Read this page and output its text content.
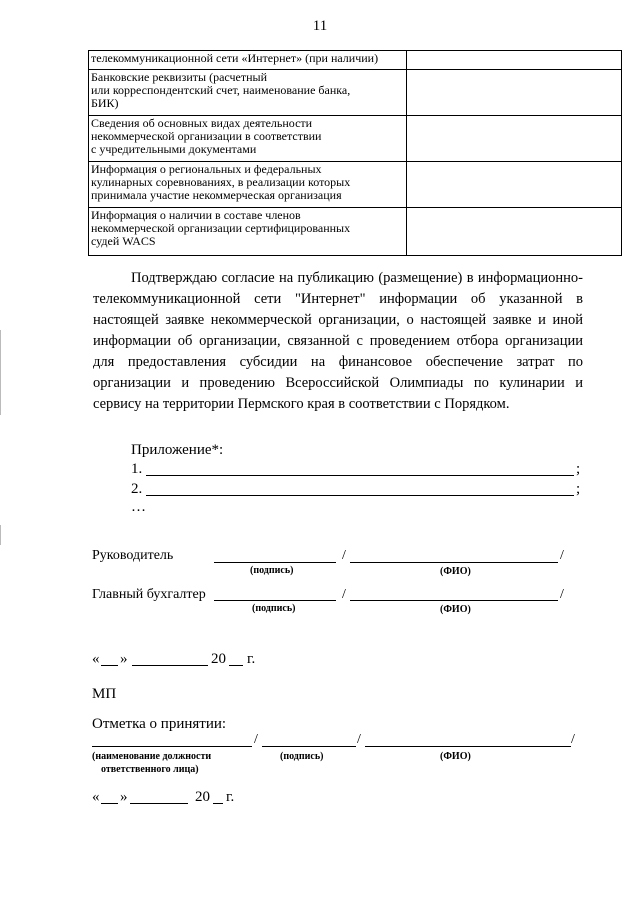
11
телекоммуникационной сети «Интернет» (при наличии)	
Банковские реквизиты (расчетный
или корреспондентский счет, наименование банка,
БИК)	
Сведения об основных видах деятельности
некоммерческой организации в соответствии
с учредительными документами	
Информация о региональных и федеральных
кулинарных соревнованиях, в реализации которых
принимала участие некоммерческая организация	
Информация о наличии в составе членов
некоммерческой организации сертифицированных
судей WACS	
Подтверждаю согласие на публикацию (размещение) в информационно-телекоммуникационной сети "Интернет" информации об указанной в настоящей заявке некоммерческой организации, о настоящей заявке и иной информации об организации, связанной с проведением отбора организации для предоставления субсидии на финансовое обеспечение затрат по организации и проведению Всероссийской Олимпиады по кулинарии и сервису на территории Пермского края в соответствии с Порядком.
Приложение*:
1.	;
2.	;
…
Руководитель	/	/
(подпись)	(ФИО)
Главный бухгалтер	/	/
(подпись)	(ФИО)
« »	20 г.
МП
Отметка о принятии:
/	/	/
(наименование должности
ответственного лица)
(подпись)	(ФИО)
« »	20 г.
